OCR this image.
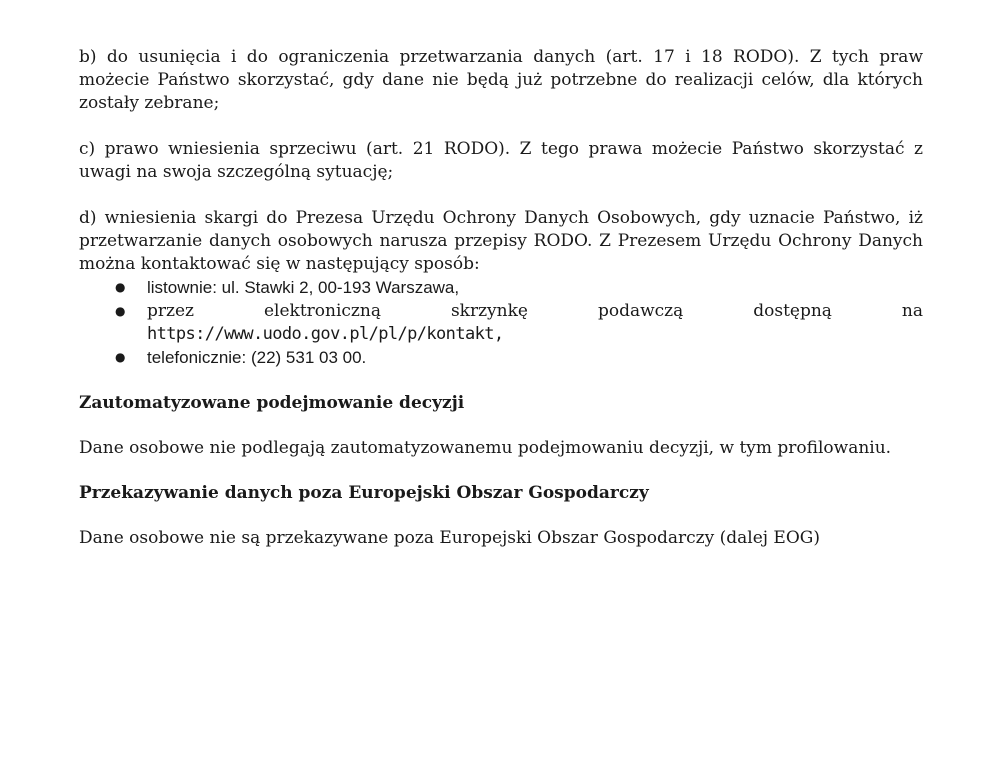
b) do usunięcia i do ograniczenia przetwarzania danych (art. 17 i 18 RODO). Z tych praw możecie Państwo skorzystać, gdy dane nie będą już potrzebne do realizacji celów, dla których zostały zebrane;

c) prawo wniesienia sprzeciwu (art. 21 RODO). Z tego prawa możecie Państwo skorzystać z uwagi na swoja szczególną sytuację;

d) wniesienia skargi do Prezesa Urzędu Ochrony Danych Osobowych, gdy uznacie Państwo, iż przetwarzanie danych osobowych narusza przepisy RODO. Z Prezesem Urzędu Ochrony Danych można kontaktować się w następujący sposób:

● listownie: ul. Stawki 2, 00-193 Warszawa,
● przez elektroniczną skrzynkę podawczą dostępną na
https://www.uodo.gov.pl/pl/p/kontakt,
● telefonicznie: (22) 531 03 00.
Zautomatyzowane podejmowanie decyzji

Dane osobowe nie podlegają zautomatyzowanemu podejmowaniu decyzji, w tym profilowaniu.

Przekazywanie danych poza Europejski Obszar Gospodarczy

Dane osobowe nie są przekazywane poza Europejski Obszar Gospodarczy (dalej EOG)
